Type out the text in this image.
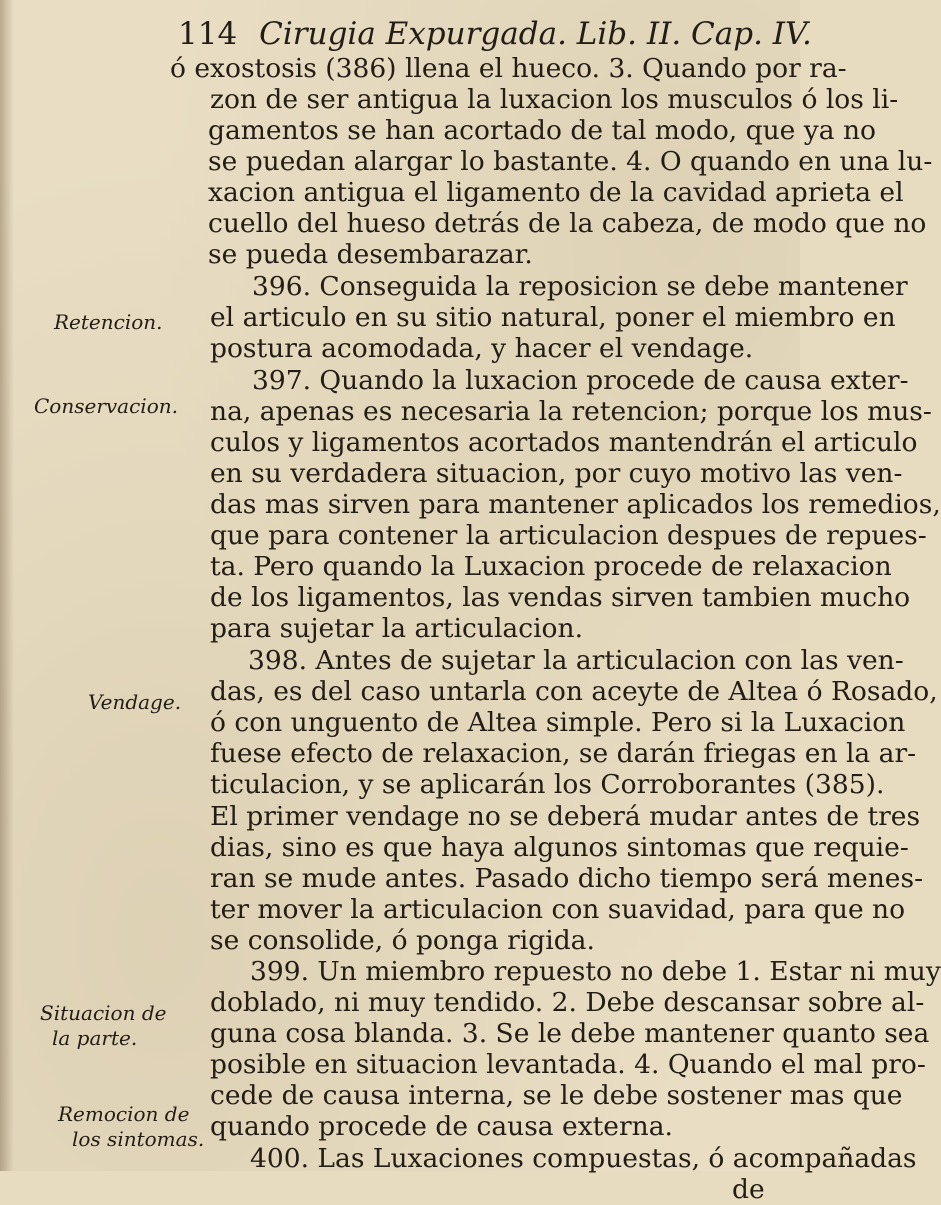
114 Cirugia Expurgada. Lib. II. Cap. IV.
Retencion.
Conservacion.
Vendage.
Situacion de
la parte.
Remocion de
los sintomas.
ó exostosis (386) llena el hueco. 3. Quando por ra-
zon de ser antigua la luxacion los musculos ó los li-
gamentos se han acortado de tal modo, que ya no
se puedan alargar lo bastante. 4. O quando en una lu-
xacion antigua el ligamento de la cavidad aprieta el
cuello del hueso detrás de la cabeza, de modo que no
se pueda desembarazar.
396. Conseguida la reposicion se debe mantener
el articulo en su sitio natural, poner el miembro en
postura acomodada, y hacer el vendage.
397. Quando la luxacion procede de causa exter-
na, apenas es necesaria la retencion; porque los mus-
culos y ligamentos acortados mantendrán el articulo
en su verdadera situacion, por cuyo motivo las ven-
das mas sirven para mantener aplicados los remedios,
que para contener la articulacion despues de repues-
ta. Pero quando la Luxacion procede de relaxacion
de los ligamentos, las vendas sirven tambien mucho
para sujetar la articulacion.
398. Antes de sujetar la articulacion con las ven-
das, es del caso untarla con aceyte de Altea ó Rosado,
ó con unguento de Altea simple. Pero si la Luxacion
fuese efecto de relaxacion, se darán friegas en la ar-
ticulacion, y se aplicarán los Corroborantes (385).
El primer vendage no se deberá mudar antes de tres
dias, sino es que haya algunos sintomas que requie-
ran se mude antes. Pasado dicho tiempo será menes-
ter mover la articulacion con suavidad, para que no
se consolide, ó ponga rigida.
399. Un miembro repuesto no debe 1. Estar ni muy
doblado, ni muy tendido. 2. Debe descansar sobre al-
guna cosa blanda. 3. Se le debe mantener quanto sea
posible en situacion levantada. 4. Quando el mal pro-
cede de causa interna, se le debe sostener mas que
quando procede de causa externa.
400. Las Luxaciones compuestas, ó acompañadas
de
